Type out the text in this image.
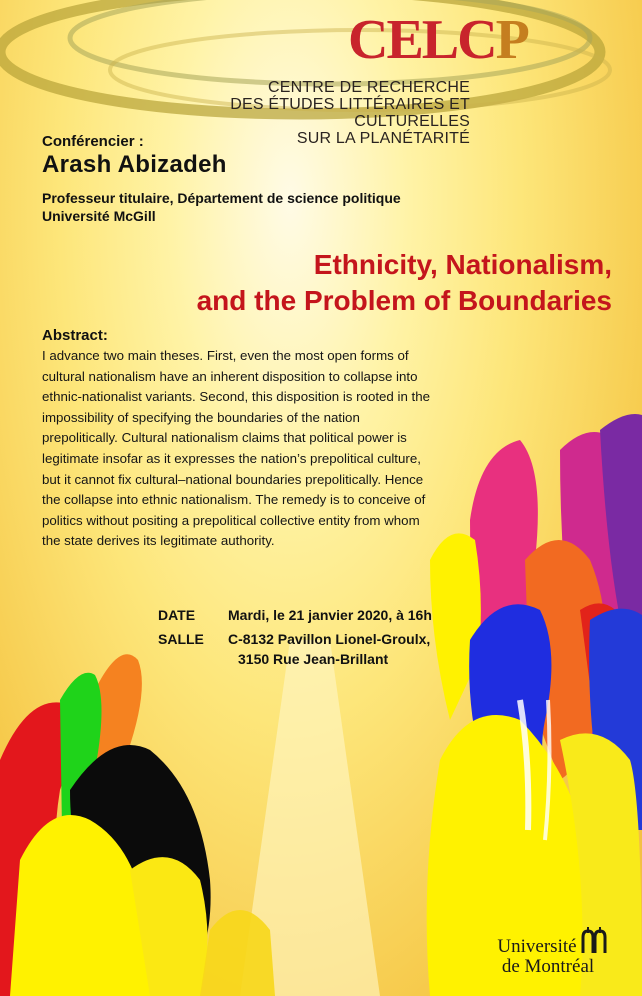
CELCP
CENTRE DE RECHERCHE
DES ÉTUDES LITTÉRAIRES ET CULTURELLES
SUR LA PLANÉTARITÉ
Conférencier :
Arash Abizadeh
Professeur titulaire, Département de science politique
Université McGill
Ethnicity, Nationalism,
and the Problem of Boundaries
Abstract:
I advance two main theses. First, even the most open forms of cultural nationalism have an inherent disposition to collapse into ethnic-nationalist variants. Second, this disposition is rooted in the impossibility of specifying the boundaries of the nation prepolitically. Cultural nationalism claims that political power is legitimate insofar as it expresses the nation’s prepolitical culture, but it cannot fix cultural–national boundaries prepolitically. Hence the collapse into ethnic nationalism. The remedy is to conceive of politics without positing a prepolitical collective entity from whom the state derives its legitimate authority.
DATE Mardi, le 21 janvier 2020, à 16h
SALLE C-8132 Pavillon Lionel-Groulx,
3150 Rue Jean-Brillant
Université
de Montréal
